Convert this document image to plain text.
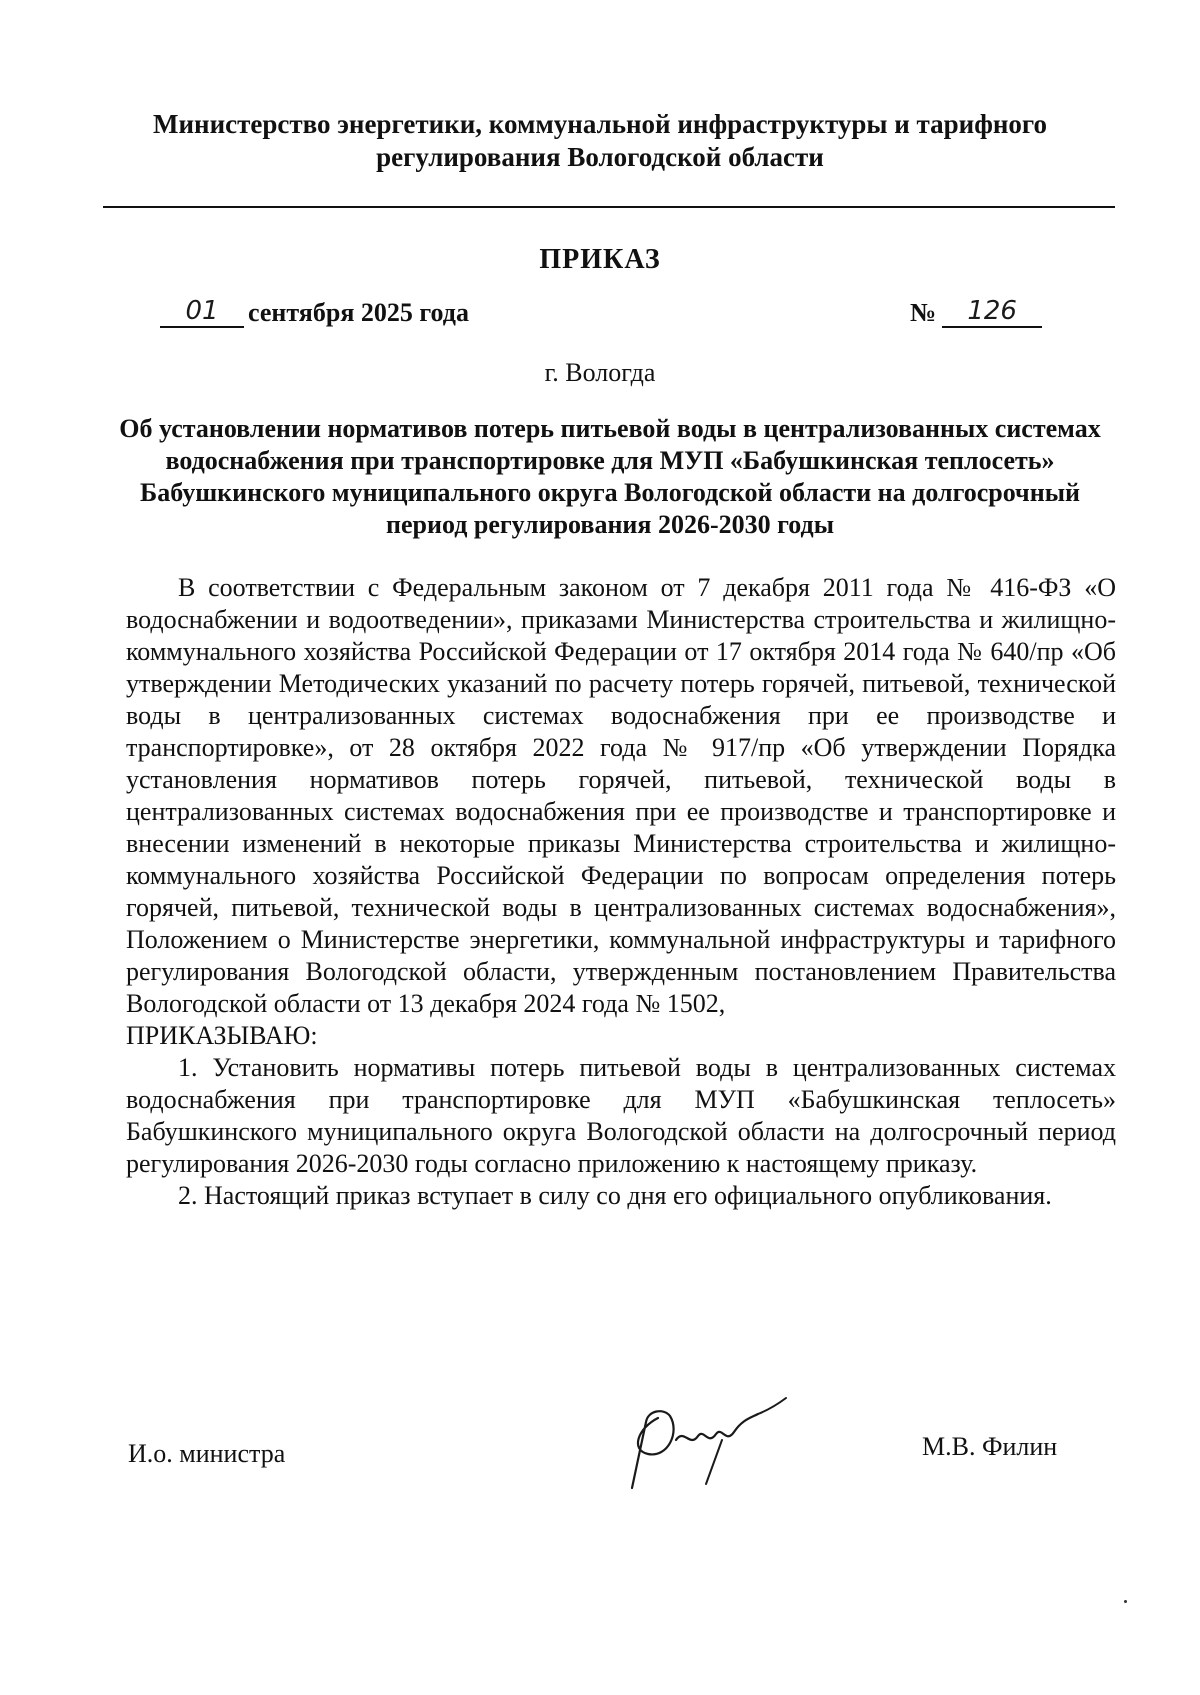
Министерство энергетики, коммунальной инфраструктуры и тарифного регулирования Вологодской области
ПРИКАЗ
01	сентября 2025 года	№	126
г. Вологда
Об установлении нормативов потерь питьевой воды в централизованных системах водоснабжения при транспортировке для МУП «Бабушкинская теплосеть» Бабушкинского муниципального округа Вологодской области на долгосрочный период регулирования 2026-2030 годы

В соответствии с Федеральным законом от 7 декабря 2011 года № 416-ФЗ «О водоснабжении и водоотведении», приказами Министерства строительства и жилищно-коммунального хозяйства Российской Федерации от 17 октября 2014 года № 640/пр «Об утверждении Методических указаний по расчету потерь горячей, питьевой, технической воды в централизованных системах водоснабжения при ее производстве и транспортировке», от 28 октября 2022 года № 917/пр «Об утверждении Порядка установления нормативов потерь горячей, питьевой, технической воды в централизованных системах водоснабжения при ее производстве и транспортировке и внесении изменений в некоторые приказы Министерства строительства и жилищно-коммунального хозяйства Российской Федерации по вопросам определения потерь горячей, питьевой, технической воды в централизованных системах водоснабжения», Положением о Министерстве энергетики, коммунальной инфраструктуры и тарифного регулирования Вологодской области, утвержденным постановлением Правительства Вологодской области от 13 декабря 2024 года № 1502,

ПРИКАЗЫВАЮ:

1. Установить нормативы потерь питьевой воды в централизованных системах водоснабжения при транспортировке для МУП «Бабушкинская теплосеть» Бабушкинского муниципального округа Вологодской области на долгосрочный период регулирования 2026-2030 годы согласно приложению к настоящему приказу.

2. Настоящий приказ вступает в силу со дня его официального опубликования.

И.о. министра	М.В. Филин
